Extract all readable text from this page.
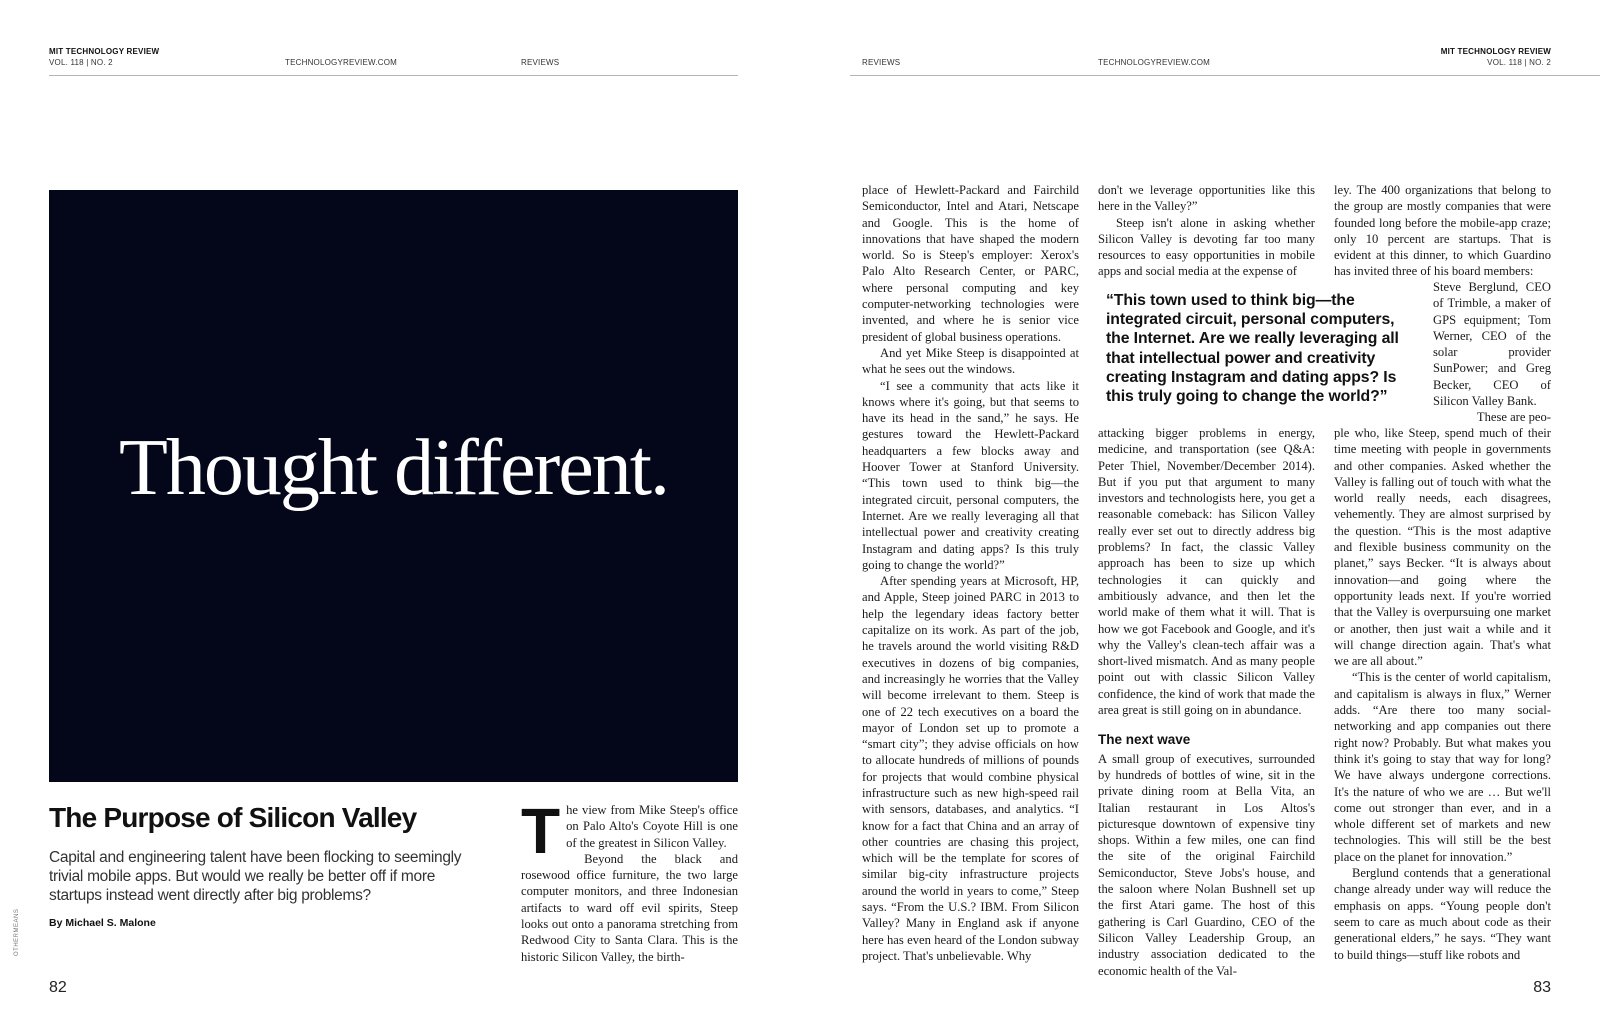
MIT TECHNOLOGY REVIEW
VOL. 118 | NO. 2	TECHNOLOGYREVIEW.COM	REVIEWS	REVIEWS	TECHNOLOGYREVIEW.COM
MIT TECHNOLOGY REVIEW
VOL. 118 | NO. 2
Thought different.
The Purpose of Silicon Valley

Capital and engineering talent have been flocking to seemingly trivial mobile apps. But would we really be better off if more startups instead went directly after big problems?

By Michael S. Malone
OTHERMEANS

The view from Mike Steep's office on Palo Alto's Coyote Hill is one of the greatest in Silicon Valley.

Beyond the black and rosewood office furniture, the two large computer monitors, and three Indonesian artifacts to ward off evil spirits, Steep looks out onto a panorama stretching from Redwood City to Santa Clara. This is the historic Silicon Valley, the birth-

place of Hewlett-Packard and Fairchild Semiconductor, Intel and Atari, Netscape and Google. This is the home of innovations that have shaped the modern world. So is Steep's employer: Xerox's Palo Alto Research Center, or PARC, where personal computing and key computer-networking technologies were invented, and where he is senior vice president of global business operations.

And yet Mike Steep is disappointed at what he sees out the windows.

“I see a community that acts like it knows where it's going, but that seems to have its head in the sand,” he says. He gestures toward the Hewlett-Packard headquarters a few blocks away and Hoover Tower at Stanford University. “This town used to think big—the integrated circuit, personal computers, the Internet. Are we really leveraging all that intellectual power and creativity creating Instagram and dating apps? Is this truly going to change the world?”

After spending years at Microsoft, HP, and Apple, Steep joined PARC in 2013 to help the legendary ideas factory better capitalize on its work. As part of the job, he travels around the world visiting R&D executives in dozens of big companies, and increasingly he worries that the Valley will become irrelevant to them. Steep is one of 22 tech executives on a board the mayor of London set up to promote a “smart city”; they advise officials on how to allocate hundreds of millions of pounds for projects that would combine physical infrastructure such as new high-speed rail with sensors, databases, and analytics. “I know for a fact that China and an array of other countries are chasing this project, which will be the template for scores of similar big-city infrastructure projects around the world in years to come,” Steep says. “From the U.S.? IBM. From Silicon Valley? Many in England ask if anyone here has even heard of the London subway project. That's unbelievable. Why

don't we leverage opportunities like this here in the Valley?”

Steep isn't alone in asking whether Silicon Valley is devoting far too many resources to easy opportunities in mobile apps and social media at the expense of

“This town used to think big—the integrated circuit, personal computers, the Internet. Are we really leveraging all that intellectual power and creativity creating Instagram and dating apps? Is this truly going to change the world?”

attacking bigger problems in energy, medicine, and transportation (see Q&A: Peter Thiel, November/December 2014). But if you put that argument to many investors and technologists here, you get a reasonable comeback: has Silicon Valley really ever set out to directly address big problems? In fact, the classic Valley approach has been to size up which technologies it can quickly and ambitiously advance, and then let the world make of them what it will. That is how we got Facebook and Google, and it's why the Valley's clean-tech affair was a short-lived mismatch. And as many people point out with classic Silicon Valley confidence, the kind of work that made the area great is still going on in abundance.

The next wave

A small group of executives, surrounded by hundreds of bottles of wine, sit in the private dining room at Bella Vita, an Italian restaurant in Los Altos's picturesque downtown of expensive tiny shops. Within a few miles, one can find the site of the original Fairchild Semiconductor, Steve Jobs's house, and the saloon where Nolan Bushnell set up the first Atari game. The host of this gathering is Carl Guardino, CEO of the Silicon Valley Leadership Group, an industry association dedicated to the economic health of the Val-

ley. The 400 organizations that belong to the group are mostly companies that were founded long before the mobile-app craze; only 10 percent are startups. That is evident at this dinner, to which Guardino has invited three of his board members:

Steve Berglund, CEO of Trimble, a maker of GPS equipment; Tom Werner, CEO of the solar provider SunPower; and Greg Becker, CEO of Silicon Valley Bank.

These are peo-

ple who, like Steep, spend much of their time meeting with people in governments and other companies. Asked whether the Valley is falling out of touch with what the world really needs, each disagrees, vehemently. They are almost surprised by the question. “This is the most adaptive and flexible business community on the planet,” says Becker. “It is always about innovation—and going where the opportunity leads next. If you're worried that the Valley is overpursuing one market or another, then just wait a while and it will change direction again. That's what we are all about.”

“This is the center of world capitalism, and capitalism is always in flux,” Werner adds. “Are there too many social-networking and app companies out there right now? Probably. But what makes you think it's going to stay that way for long? We have always undergone corrections. It's the nature of who we are … But we'll come out stronger than ever, and in a whole different set of markets and new technologies. This will still be the best place on the planet for innovation.”

Berglund contends that a generational change already under way will reduce the emphasis on apps. “Young people don't seem to care as much about code as their generational elders,” he says. “They want to build things—stuff like robots and

82	83
